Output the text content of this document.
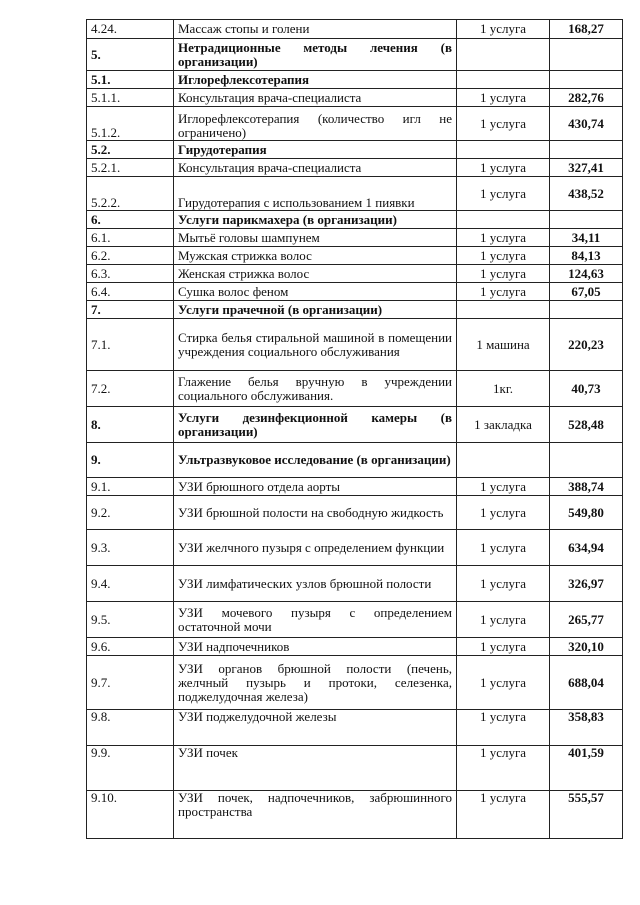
4.24.	Массаж стопы и голени	1 услуга	168,27
5.	Нетрадиционные методы лечения (в организации)		
5.1.	Иглорефлексотерапия		
5.1.1.	Консультация врача-специалиста	1 услуга	282,76
5.1.2.	Иглорефлексотерапия (количество игл не ограничено)	1 услуга	430,74
5.2.	Гирудотерапия		
5.2.1.	Консультация врача-специалиста	1 услуга	327,41
5.2.2.	Гирудотерапия с использованием 1 пиявки	1 услуга	438,52
6.	Услуги парикмахера (в организации)		
6.1.	Мытьё головы шампунем	1 услуга	34,11
6.2.	Мужская стрижка волос	1 услуга	84,13
6.3.	Женская стрижка волос	1 услуга	124,63
6.4.	Сушка волос феном	1 услуга	67,05
7.	Услуги прачечной (в организации)		
7.1.	Стирка белья стиральной машиной в помещении учреждения социального обслуживания	1 машина	220,23
7.2.	Глажение белья вручную в учреждении социального обслуживания.	1кг.	40,73
8.	Услуги дезинфекционной камеры (в организации)	1 закладка	528,48
9.	Ультразвуковое исследование (в организации)		
9.1.	УЗИ брюшного отдела аорты	1 услуга	388,74
9.2.	УЗИ брюшной полости на свободную жидкость	1 услуга	549,80
9.3.	УЗИ желчного пузыря с определением функции	1 услуга	634,94
9.4.	УЗИ лимфатических узлов брюшной полости	1 услуга	326,97
9.5.	УЗИ мочевого пузыря с определением остаточной мочи	1 услуга	265,77
9.6.	УЗИ надпочечников	1 услуга	320,10
9.7.	УЗИ органов брюшной полости (печень, желчный пузырь и протоки, селезенка, поджелудочная железа)	1 услуга	688,04
9.8.	УЗИ поджелудочной железы	1 услуга	358,83
9.9.	УЗИ почек	1 услуга	401,59
9.10.	УЗИ почек, надпочечников, забрюшинного пространства	1 услуга	555,57
